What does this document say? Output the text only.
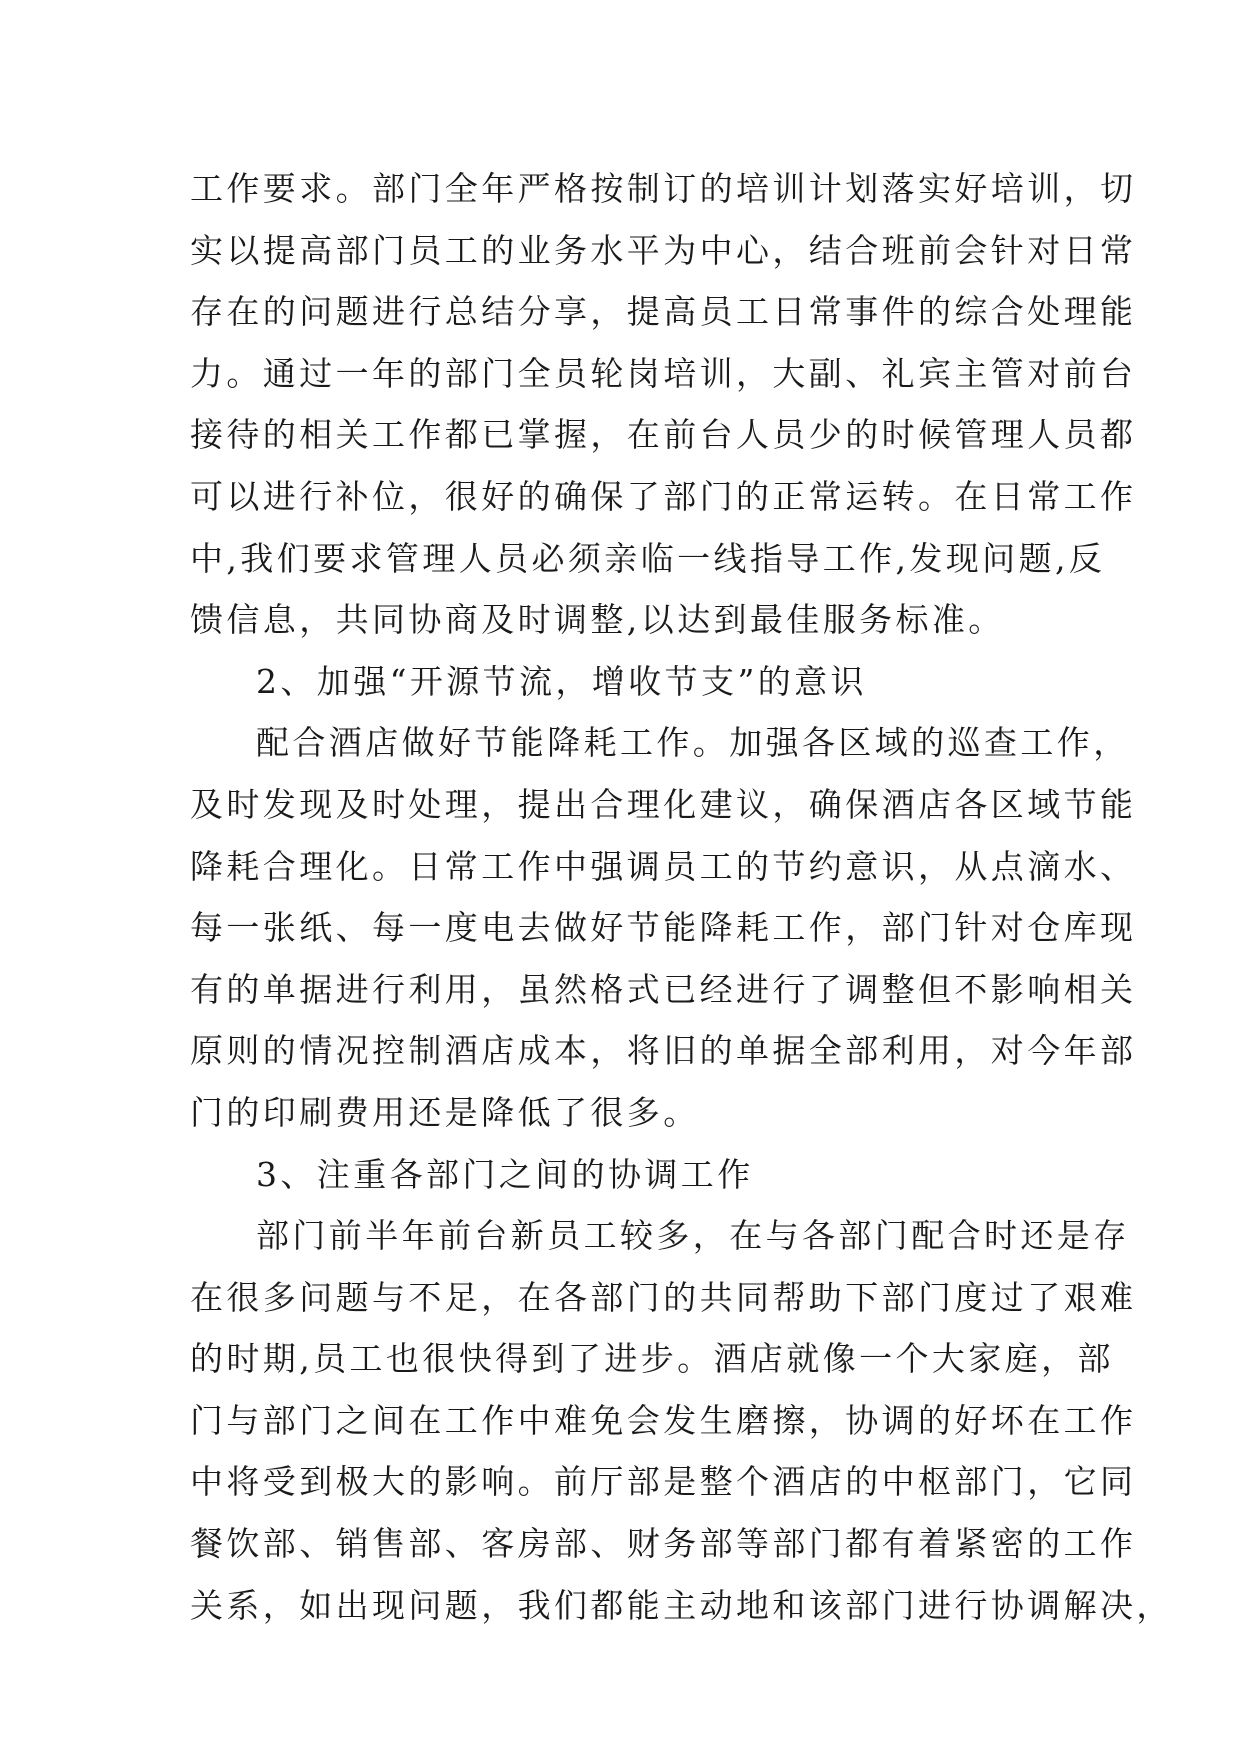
工作要求。部门全年严格按制订的培训计划落实好培训，切
实以提高部门员工的业务水平为中心，结合班前会针对日常
存在的问题进行总结分享，提高员工日常事件的综合处理能
力。通过一年的部门全员轮岗培训，大副、礼宾主管对前台
接待的相关工作都已掌握，在前台人员少的时候管理人员都
可以进行补位，很好的确保了部门的正常运转。在日常工作
中,我们要求管理人员必须亲临一线指导工作,发现问题,反
馈信息，共同协商及时调整,以达到最佳服务标准。
2、加强“开源节流，增收节支”的意识
配合酒店做好节能降耗工作。加强各区域的巡查工作，
及时发现及时处理，提出合理化建议，确保酒店各区域节能
降耗合理化。日常工作中强调员工的节约意识，从点滴水、
每一张纸、每一度电去做好节能降耗工作，部门针对仓库现
有的单据进行利用，虽然格式已经进行了调整但不影响相关
原则的情况控制酒店成本，将旧的单据全部利用，对今年部
门的印刷费用还是降低了很多。
3、注重各部门之间的协调工作
部门前半年前台新员工较多，在与各部门配合时还是存
在很多问题与不足，在各部门的共同帮助下部门度过了艰难
的时期,员工也很快得到了进步。酒店就像一个大家庭，部
门与部门之间在工作中难免会发生磨擦，协调的好坏在工作
中将受到极大的影响。前厅部是整个酒店的中枢部门，它同
餐饮部、销售部、客房部、财务部等部门都有着紧密的工作
关系，如出现问题，我们都能主动地和该部门进行协调解决，
